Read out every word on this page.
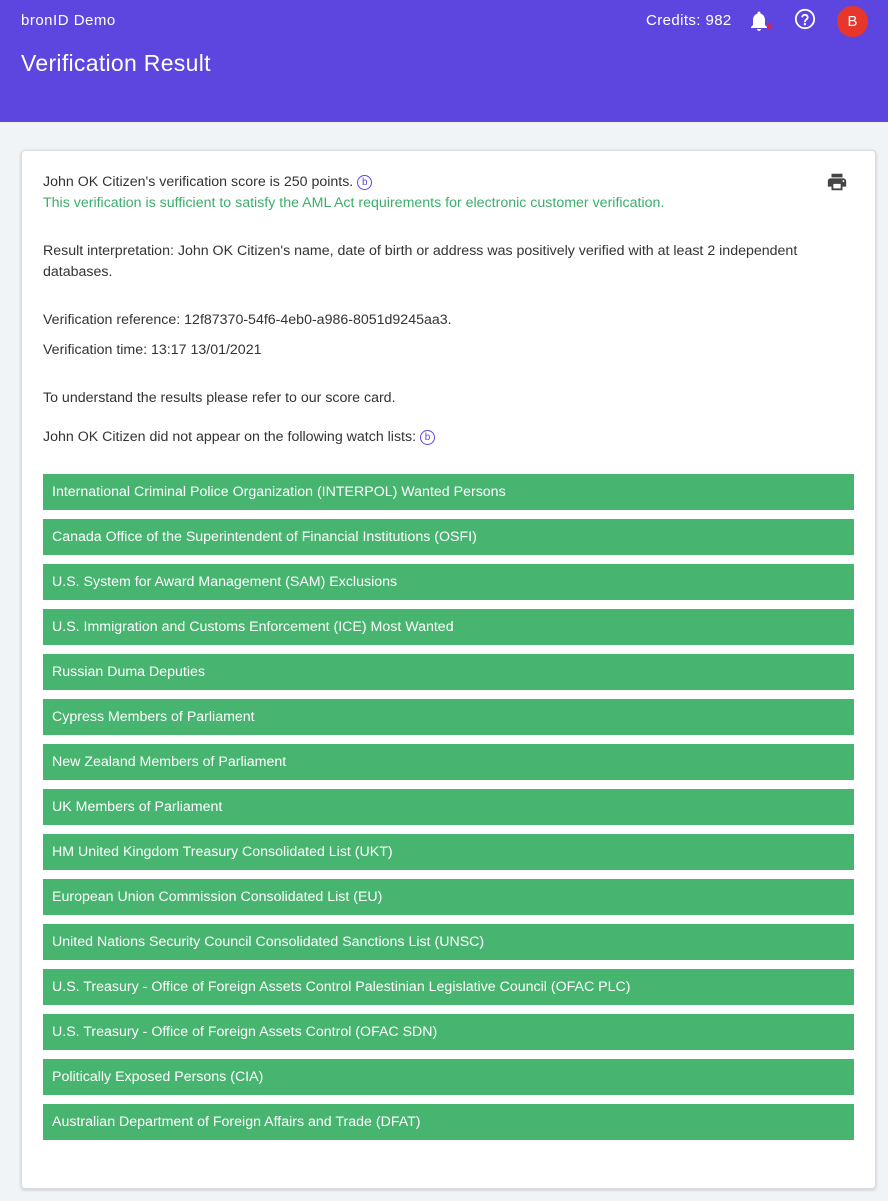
bronID Demo
Verification Result
Credits: 982	B
John OK Citizen's verification score is 250 points. b
This verification is sufficient to satisfy the AML Act requirements for electronic customer verification.
Result interpretation: John OK Citizen's name, date of birth or address was positively verified with at least 2 independent
databases.
Verification reference: 12f87370-54f6-4eb0-a986-8051d9245aa3.
Verification time: 13:17 13/01/2021
To understand the results please refer to our score card.
John OK Citizen did not appear on the following watch lists: b
International Criminal Police Organization (INTERPOL) Wanted Persons
Canada Office of the Superintendent of Financial Institutions (OSFI)
U.S. System for Award Management (SAM) Exclusions
U.S. Immigration and Customs Enforcement (ICE) Most Wanted
Russian Duma Deputies
Cypress Members of Parliament
New Zealand Members of Parliament
UK Members of Parliament
HM United Kingdom Treasury Consolidated List (UKT)
European Union Commission Consolidated List (EU)
United Nations Security Council Consolidated Sanctions List (UNSC)
U.S. Treasury - Office of Foreign Assets Control Palestinian Legislative Council (OFAC PLC)
U.S. Treasury - Office of Foreign Assets Control (OFAC SDN)
Politically Exposed Persons (CIA)
Australian Department of Foreign Affairs and Trade (DFAT)
